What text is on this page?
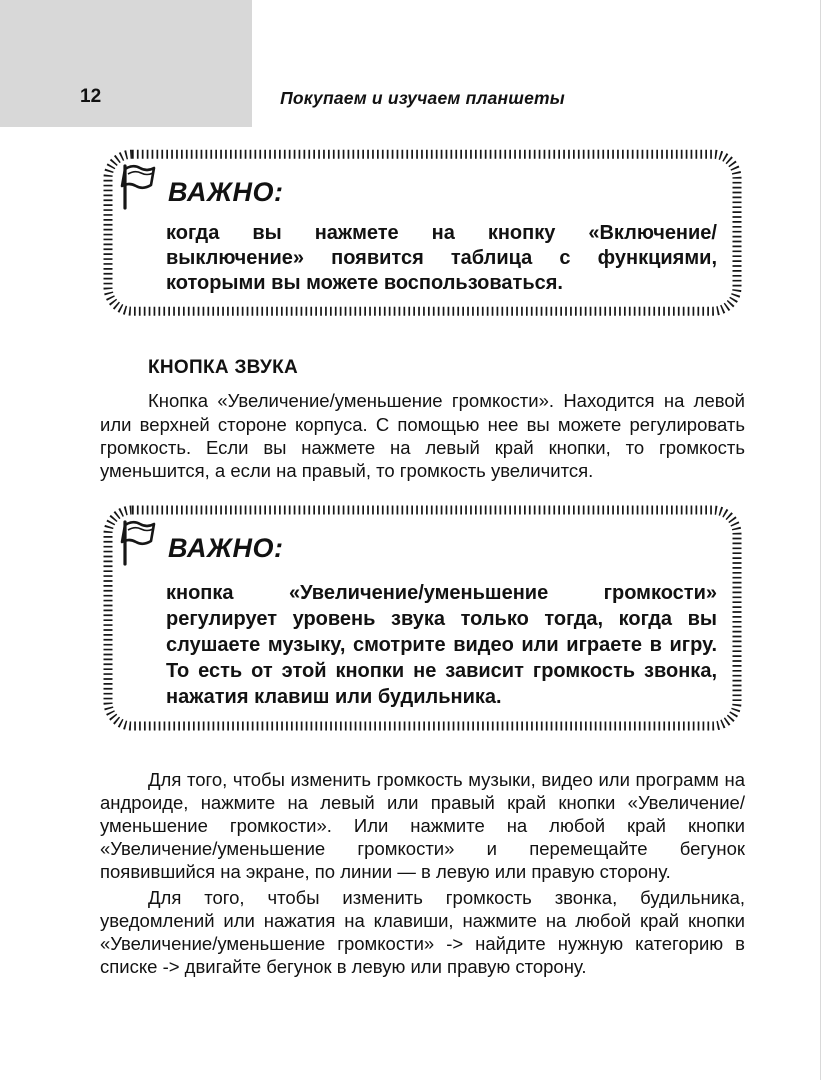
12	Покупаем и изучаем планшеты
ВАЖНО:
когда вы нажмете на кнопку «Включение/выключение» появится таблица с функциями, которыми вы можете воспользоваться.
КНОПКА ЗВУКА

Кнопка «Увеличение/уменьшение громкости». Находится на левой или верхней стороне корпуса. С помощью нее вы можете регулировать громкость. Если вы нажмете на левый край кнопки, то громкость уменьшится, а если на правый, то громкость увеличится.

ВАЖНО:
кнопка «Увеличение/уменьшение громкости» регулирует уровень звука только тогда, когда вы слушаете музыку, смотрите видео или играете в игру. То есть от этой кнопки не зависит громкость звонка, нажатия клавиш или будильника.

Для того, чтобы изменить громкость музыки, видео или программ на андроиде, нажмите на левый или правый край кнопки «Увеличение/уменьшение громкости». Или нажмите на любой край кнопки «Увеличение/уменьшение громкости» и перемещайте бегунок появившийся на экране, по линии — в левую или правую сторону.

Для того, чтобы изменить громкость звонка, будильника, уведомлений или нажатия на клавиши, нажмите на любой край кнопки «Увеличение/уменьшение громкости» -> найдите нужную категорию в списке -> двигайте бегунок в левую или правую сторону.
